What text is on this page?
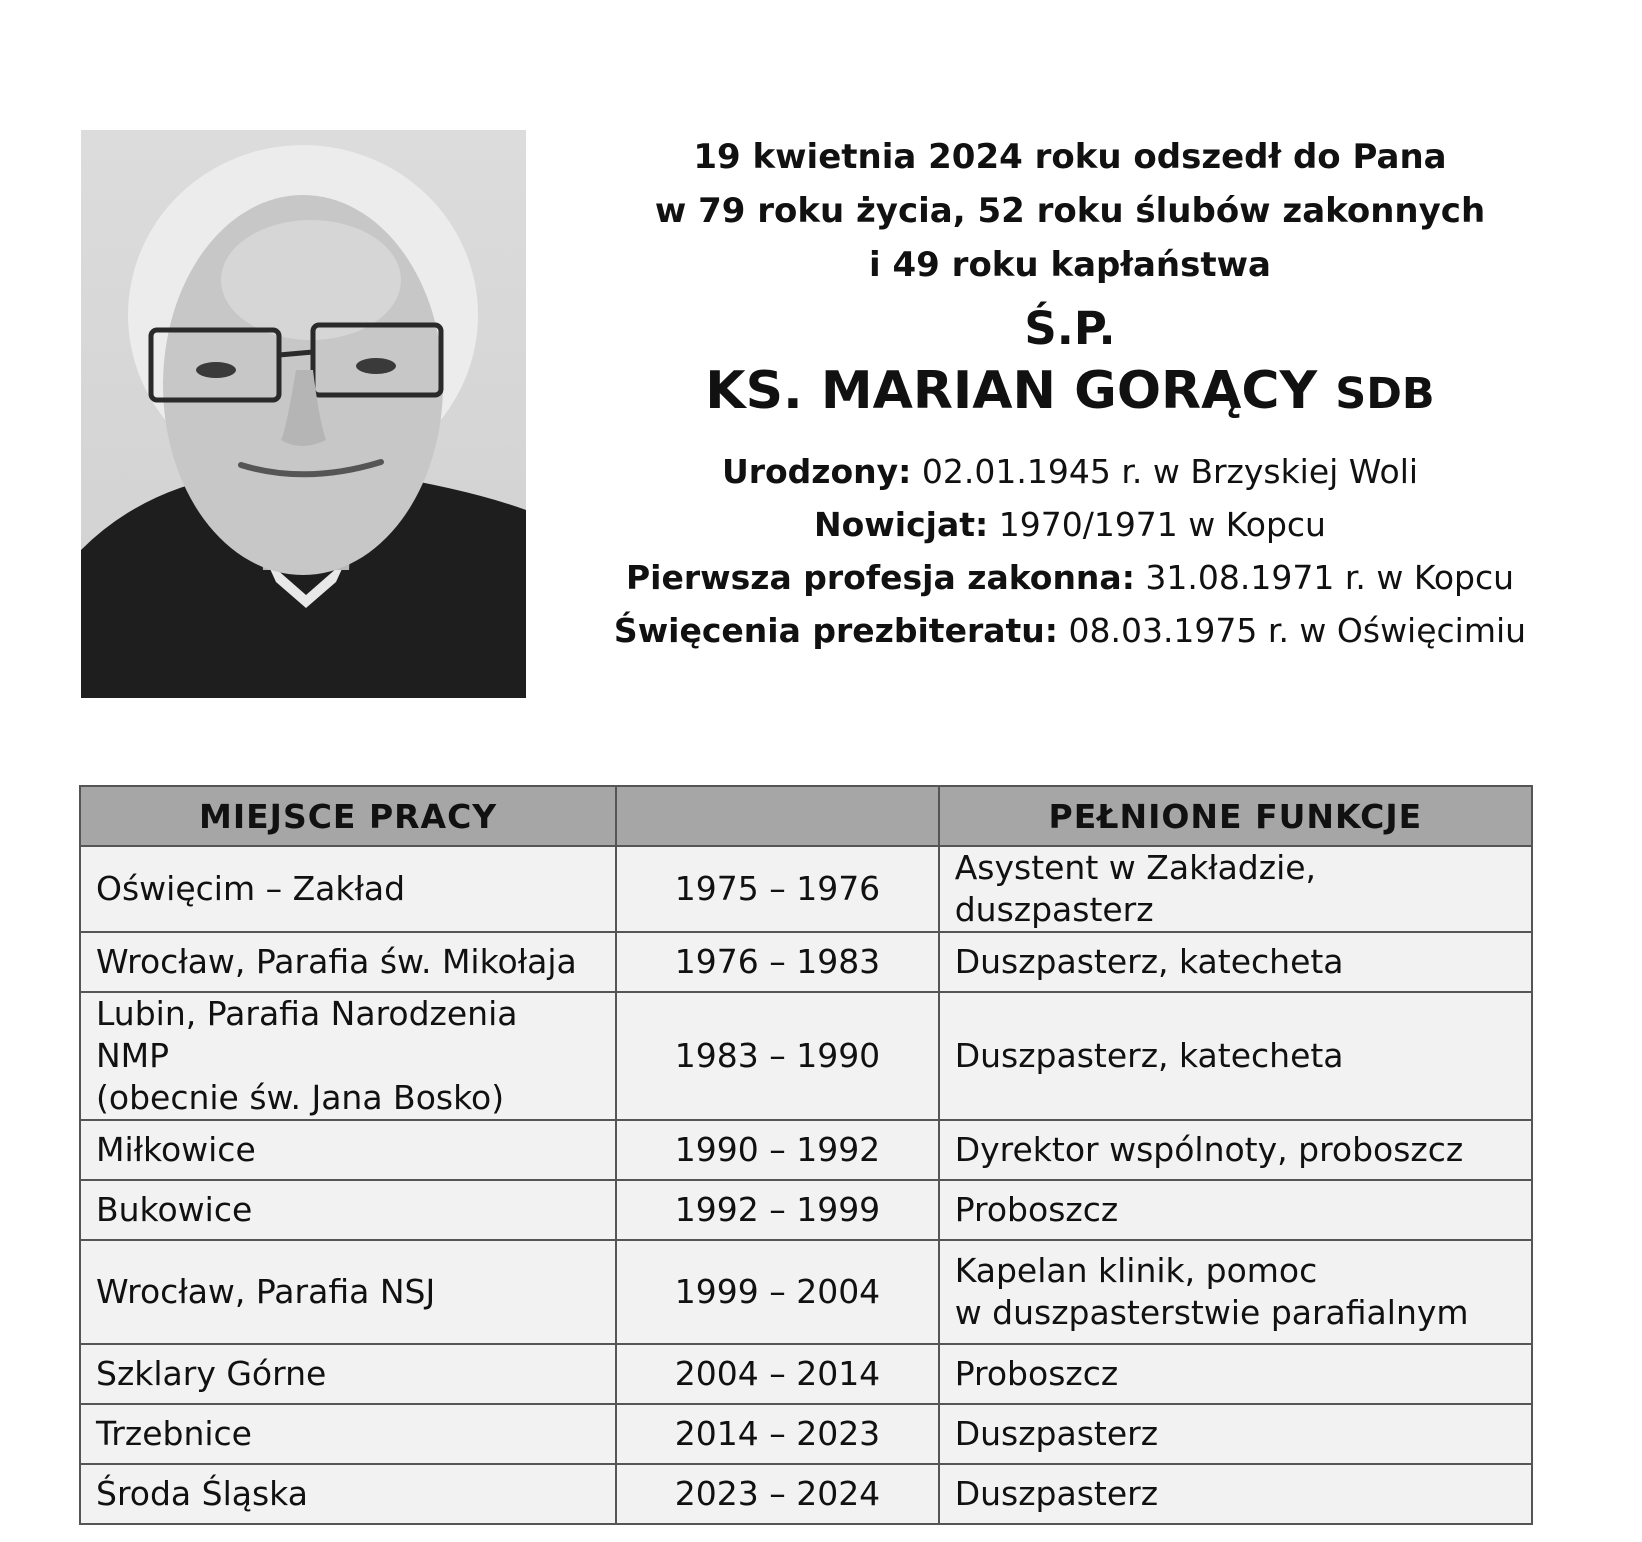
19 kwietnia 2024 roku odszedł do Pana
w 79 roku życia, 52 roku ślubów zakonnych
i 49 roku kapłaństwa
Ś.P.
KS. MARIAN GORĄCY SDB
Urodzony: 02.01.1945 r. w Brzyskiej Woli
Nowicjat: 1970/1971 w Kopcu
Pierwsza profesja zakonna: 31.08.1971 r. w Kopcu
Święcenia prezbiteratu: 08.03.1975 r. w Oświęcimiu
MIEJSCE PRACY		PEŁNIONE FUNKCJE
Oświęcim – Zakład	1975 – 1976	Asystent w Zakładzie, duszpasterz
Wrocław, Parafia św. Mikołaja	1976 – 1983	Duszpasterz, katecheta
Lubin, Parafia Narodzenia NMP
(obecnie św. Jana Bosko)	1983 – 1990	Duszpasterz, katecheta
Miłkowice	1990 – 1992	Dyrektor wspólnoty, proboszcz
Bukowice	1992 – 1999	Proboszcz
Wrocław, Parafia NSJ	1999 – 2004	Kapelan klinik, pomoc
w duszpasterstwie parafialnym
Szklary Górne	2004 – 2014	Proboszcz
Trzebnice	2014 – 2023	Duszpasterz
Środa Śląska	2023 – 2024	Duszpasterz
